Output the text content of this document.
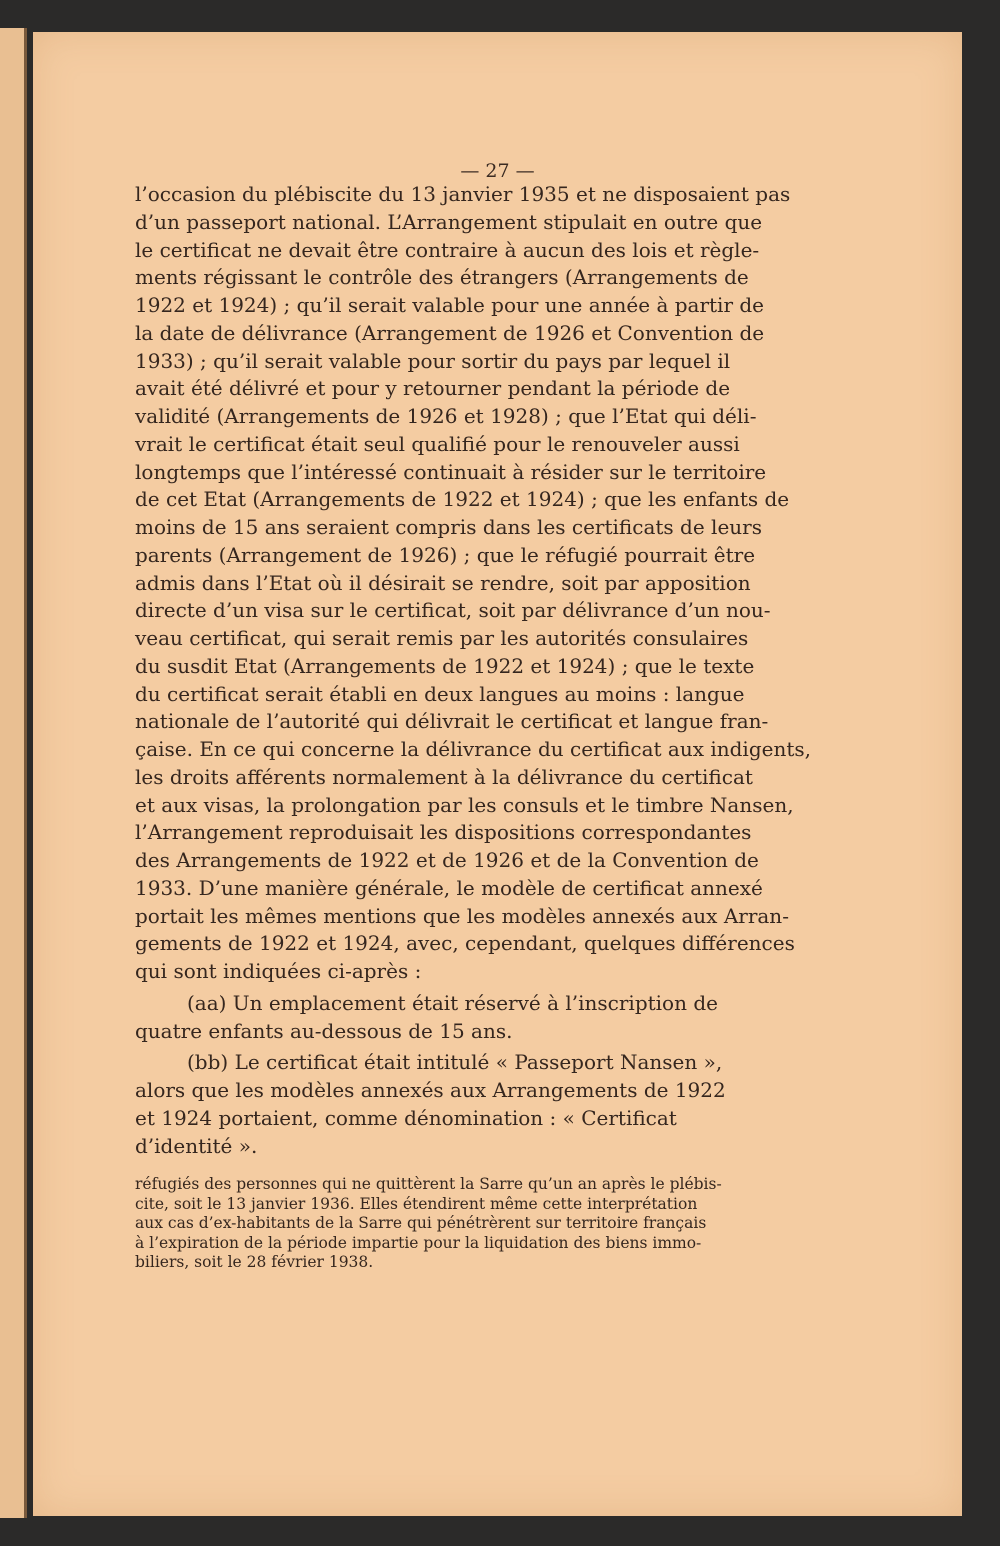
— 27 —
l’occasion du plébiscite du 13 janvier 1935 et ne disposaient pas
d’un passeport national. L’Arrangement stipulait en outre que
le certificat ne devait être contraire à aucun des lois et règle-
ments régissant le contrôle des étrangers (Arrangements de
1922 et 1924) ; qu’il serait valable pour une année à partir de
la date de délivrance (Arrangement de 1926 et Convention de
1933) ; qu’il serait valable pour sortir du pays par lequel il
avait été délivré et pour y retourner pendant la période de
validité (Arrangements de 1926 et 1928) ; que l’Etat qui déli-
vrait le certificat était seul qualifié pour le renouveler aussi
longtemps que l’intéressé continuait à résider sur le territoire
de cet Etat (Arrangements de 1922 et 1924) ; que les enfants de
moins de 15 ans seraient compris dans les certificats de leurs
parents (Arrangement de 1926) ; que le réfugié pourrait être
admis dans l’Etat où il désirait se rendre, soit par apposition
directe d’un visa sur le certificat, soit par délivrance d’un nou-
veau certificat, qui serait remis par les autorités consulaires
du susdit Etat (Arrangements de 1922 et 1924) ; que le texte
du certificat serait établi en deux langues au moins : langue
nationale de l’autorité qui délivrait le certificat et langue fran-
çaise. En ce qui concerne la délivrance du certificat aux indigents,
les droits afférents normalement à la délivrance du certificat
et aux visas, la prolongation par les consuls et le timbre Nansen,
l’Arrangement reproduisait les dispositions correspondantes
des Arrangements de 1922 et de 1926 et de la Convention de
1933. D’une manière générale, le modèle de certificat annexé
portait les mêmes mentions que les modèles annexés aux Arran-
gements de 1922 et 1924, avec, cependant, quelques différences
qui sont indiquées ci-après :
(aa) Un emplacement était réservé à l’inscription de
quatre enfants au-dessous de 15 ans.
(bb) Le certificat était intitulé « Passeport Nansen »,
alors que les modèles annexés aux Arrangements de 1922
et 1924 portaient, comme dénomination : « Certificat
d’identité ».
réfugiés des personnes qui ne quittèrent la Sarre qu’un an après le plébis-
cite, soit le 13 janvier 1936. Elles étendirent même cette interprétation
aux cas d’ex-habitants de la Sarre qui pénétrèrent sur territoire français
à l’expiration de la période impartie pour la liquidation des biens immo-
biliers, soit le 28 février 1938.
